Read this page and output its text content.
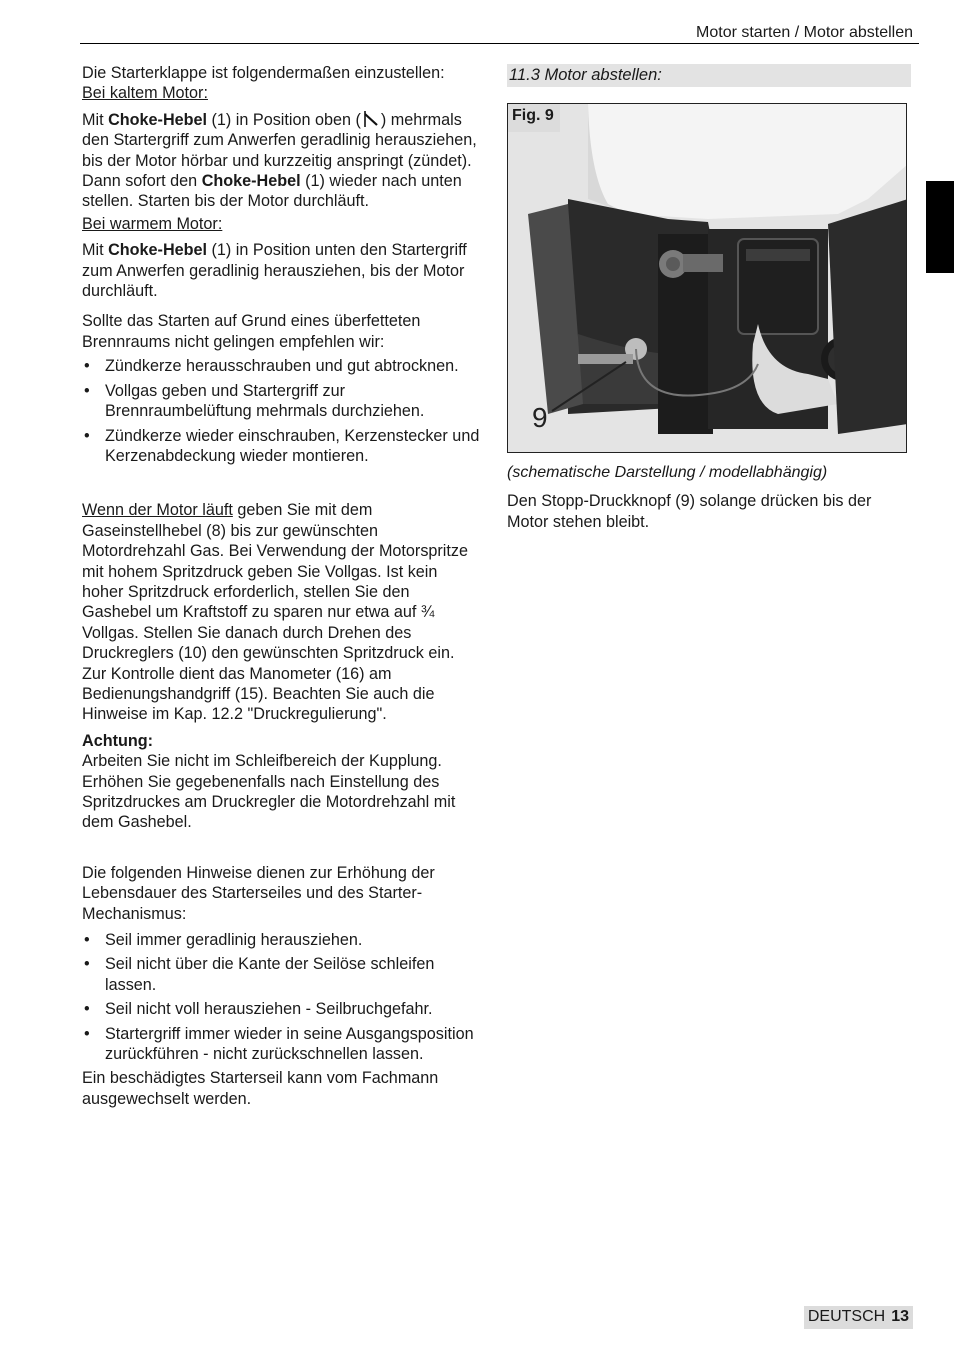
Motor starten / Motor abstellen

Die Starterklappe ist folgendermaßen einzustellen:

Bei kaltem Motor:

Mit Choke-Hebel (1) in Position oben ( ) mehrmals den Startergriff zum Anwerfen geradlinig herausziehen, bis der Motor hörbar und kurzzeitig anspringt (zündet).

Dann sofort den Choke-Hebel (1) wieder nach unten stellen. Starten bis der Motor durchläuft.

Bei warmem Motor:

Mit Choke-Hebel (1) in Position unten den Startergriff zum Anwerfen geradlinig herausziehen, bis der Motor durchläuft.

Sollte das Starten auf Grund eines überfetteten Brennraums nicht gelingen empfehlen wir:

• Zündkerze herausschrauben und gut abtrocknen.
• Vollgas geben und Startergriff zur Brennraumbelüftung mehrmals durchziehen.
• Zündkerze wieder einschrauben, Kerzenstecker und Kerzenabdeckung wieder montieren.

Wenn der Motor läuft geben Sie mit dem Gaseinstellhebel (8) bis zur gewünschten Motordrehzahl Gas. Bei Verwendung der Motorspritze mit hohem Spritzdruck geben Sie Vollgas. Ist kein hoher Spritzdruck erforderlich, stellen Sie den Gashebel um Kraftstoff zu sparen nur etwa auf ¾ Vollgas. Stellen Sie danach durch Drehen des Druckreglers (10) den gewünschten Spritzdruck ein. Zur Kontrolle dient das Manometer (16) am Bedienungshandgriff (15). Beachten Sie auch die Hinweise im Kap. 12.2 "Druckregulierung".

Achtung:

Arbeiten Sie nicht im Schleifbereich der Kupplung. Erhöhen Sie gegebenenfalls nach Einstellung des Spritzdruckes am Druckregler die Motordrehzahl mit dem Gashebel.

Die folgenden Hinweise dienen zur Erhöhung der Lebensdauer des Starterseiles und des Starter-Mechanismus:

• Seil immer geradlinig herausziehen.
• Seil nicht über die Kante der Seilöse schleifen lassen.
• Seil nicht voll herausziehen - Seilbruchgefahr.
• Startergriff immer wieder in seine Ausgangsposition zurückführen - nicht zurückschnellen lassen.

Ein beschädigtes Starterseil kann vom Fachmann ausgewechselt werden.

11.3 Motor abstellen:
Fig. 9
9

(schematische Darstellung / modellabhängig)

Den Stopp-Druckknopf (9) solange drücken bis der Motor stehen bleibt.

DEUTSCH 13
